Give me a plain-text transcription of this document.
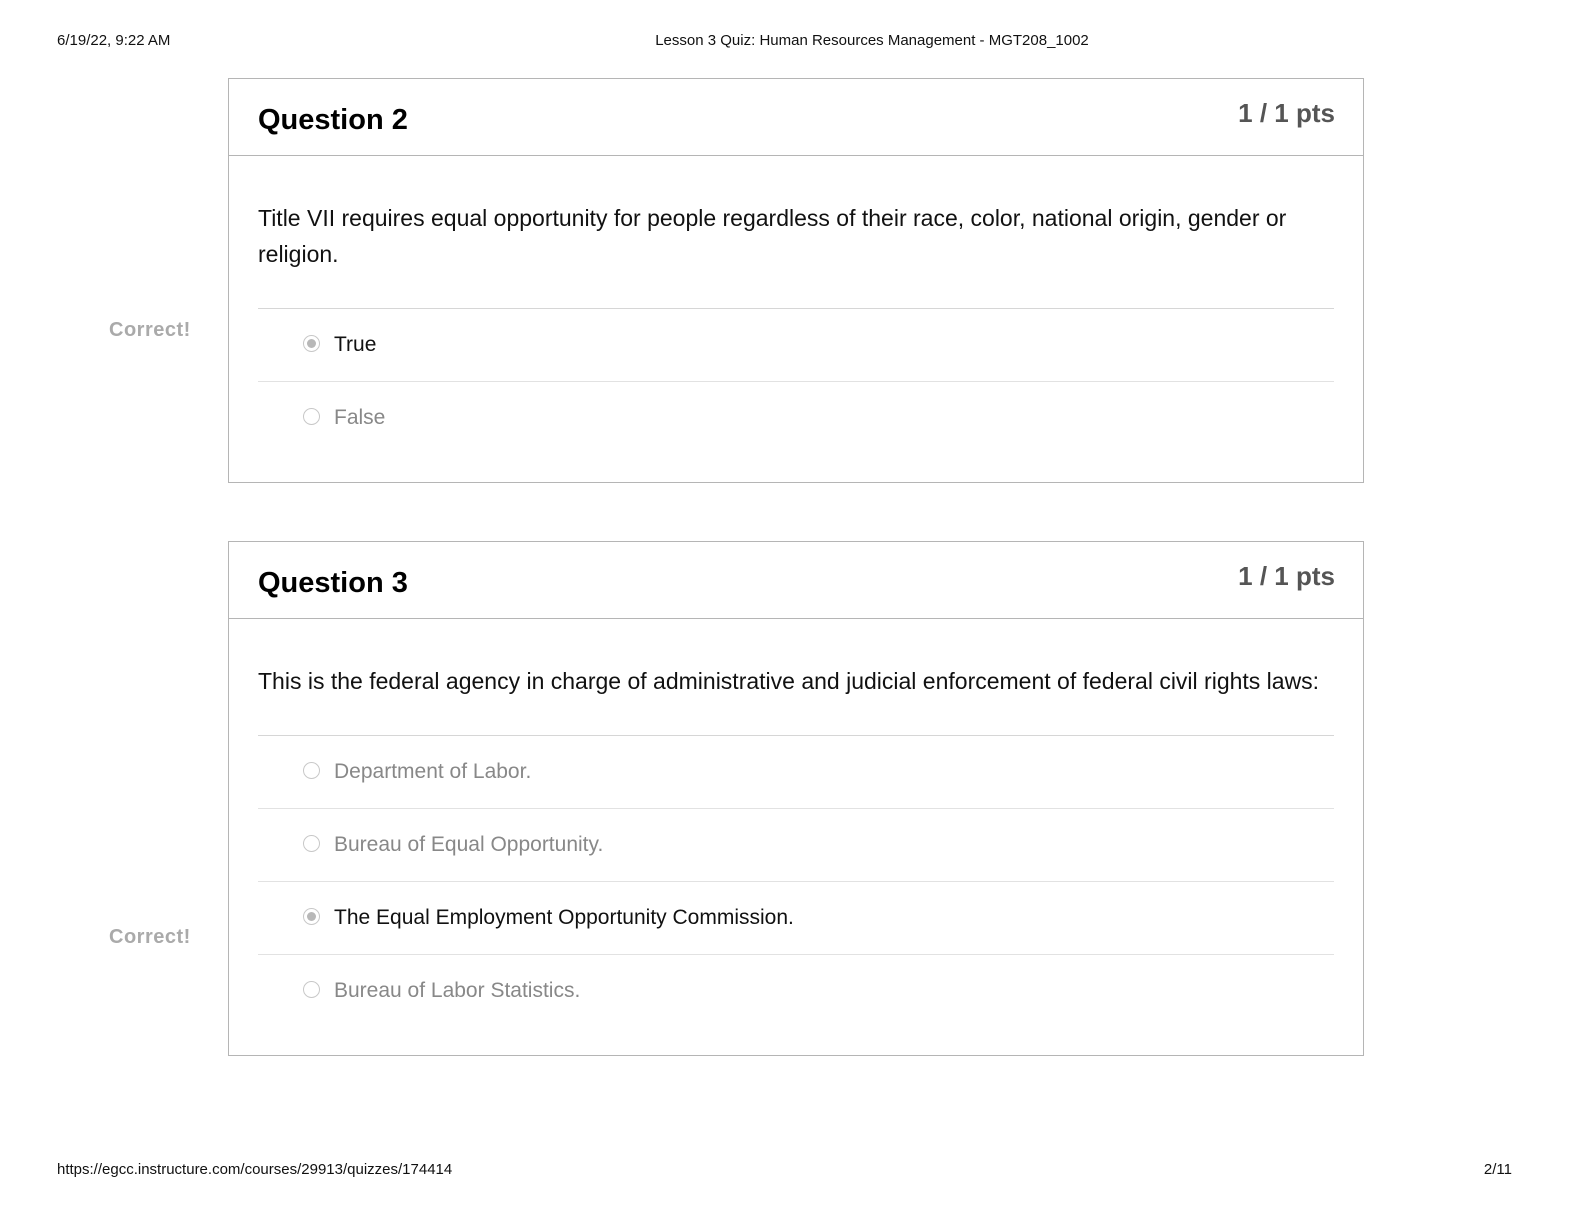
6/19/22, 9:22 AM	Lesson 3 Quiz: Human Resources Management - MGT208_1002
Correct!
Question 2	1 / 1 pts
Title VII requires equal opportunity for people regardless of their race, color, national origin, gender or religion.
True
False
Correct!
Question 3	1 / 1 pts
This is the federal agency in charge of administrative and judicial enforcement of federal civil rights laws:
Department of Labor.
Bureau of Equal Opportunity.
The Equal Employment Opportunity Commission.
Bureau of Labor Statistics.
https://egcc.instructure.com/courses/29913/quizzes/174414	2/11
